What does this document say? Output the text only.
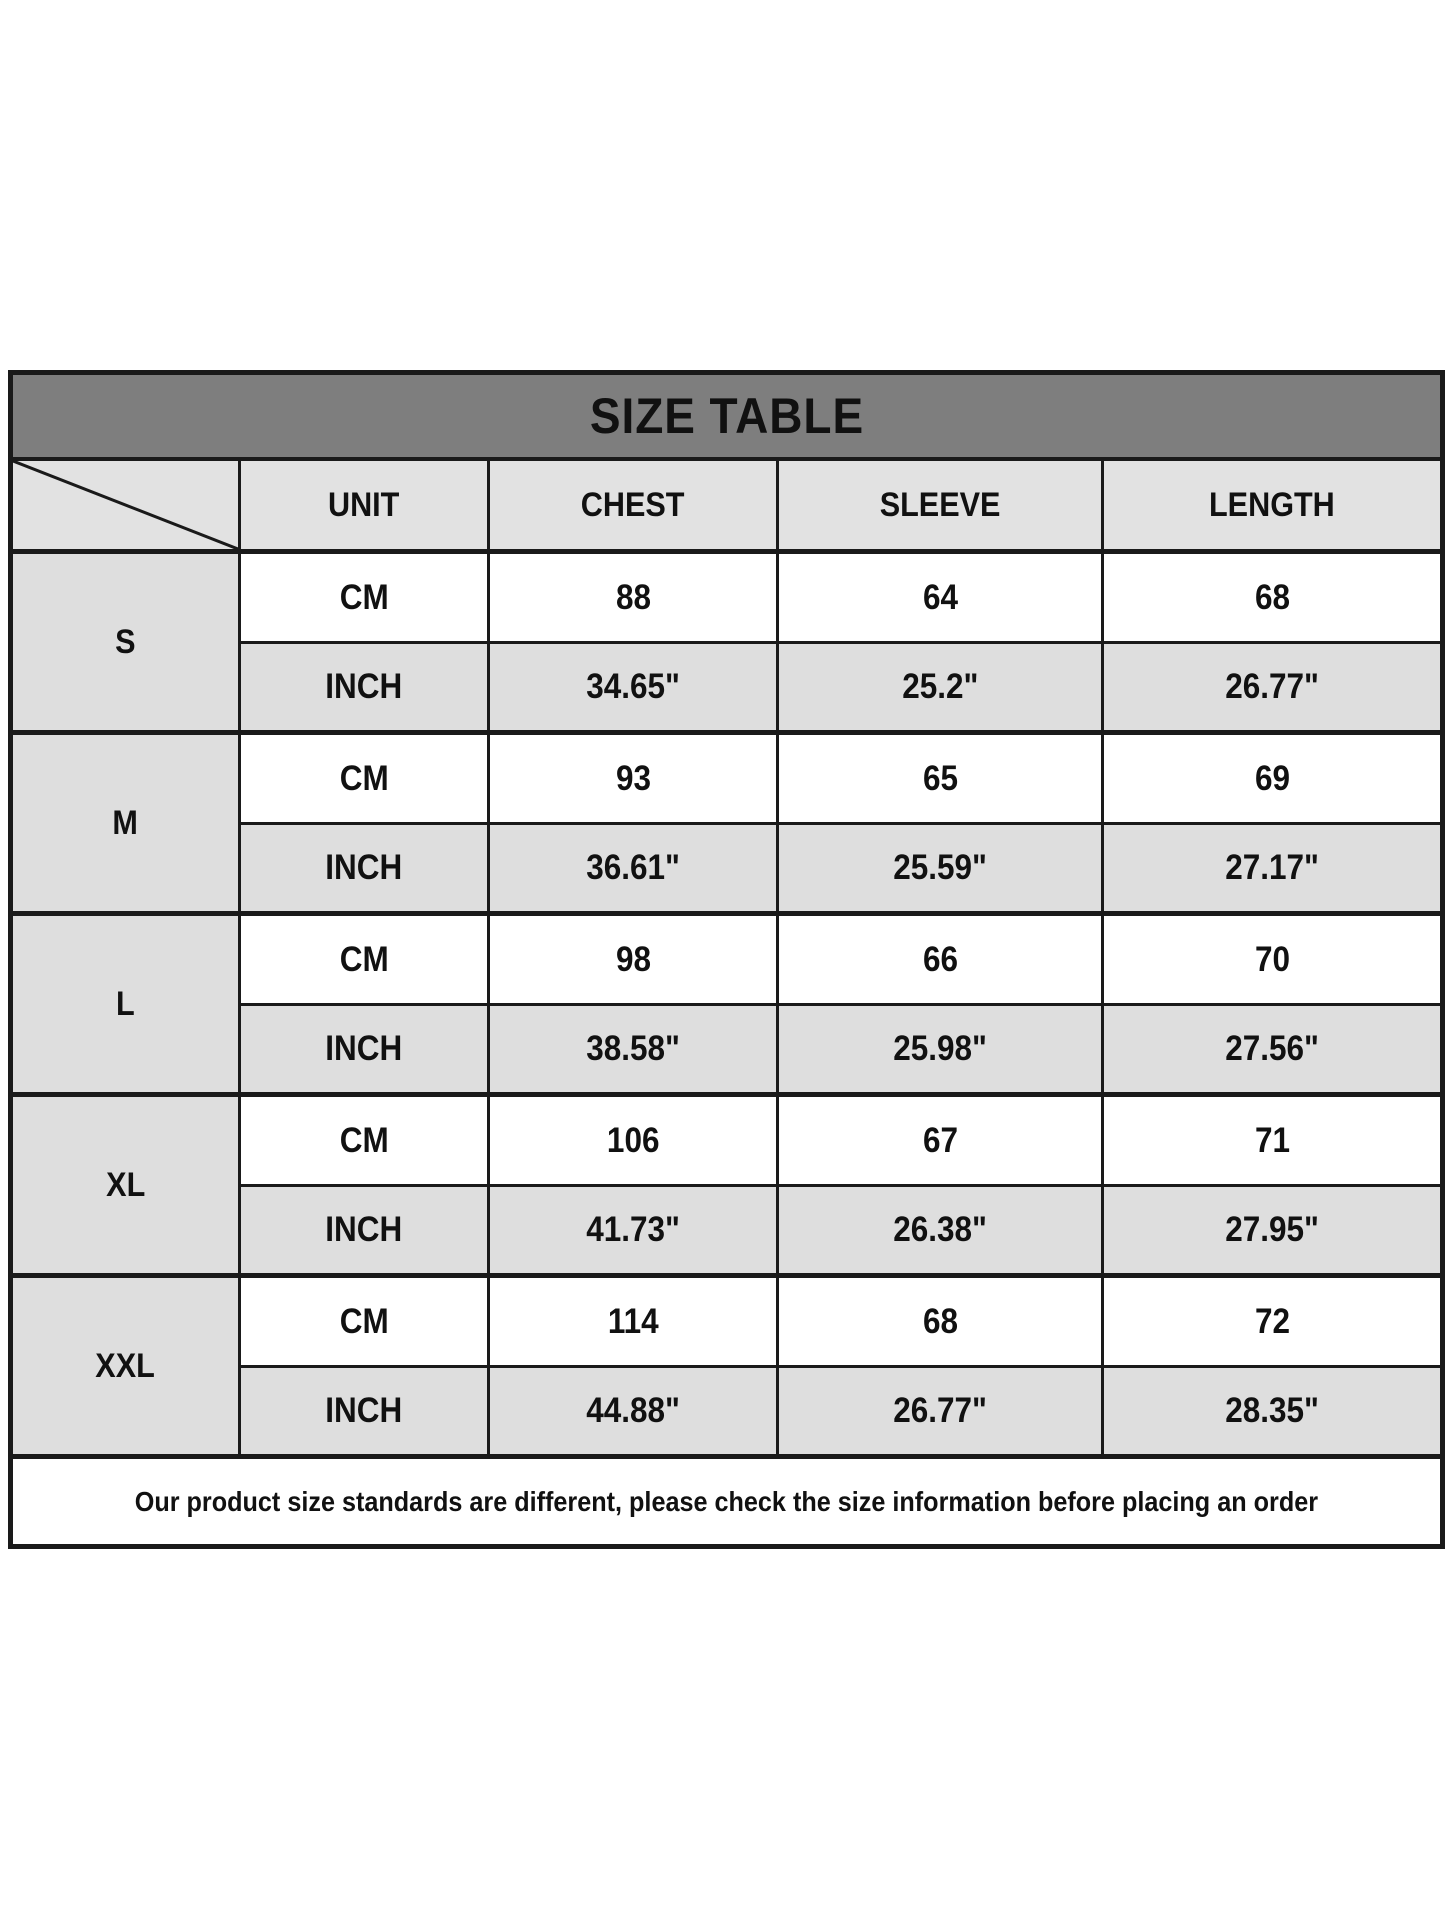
SIZE TABLE				

	UNIT	CHEST	SLEEVE	LENGTH
S	CM	88	64	68
	INCH	34.65"	25.2"	26.77"
M	CM	93	65	69
	INCH	36.61"	25.59"	27.17"
L	CM	98	66	70
	INCH	38.58"	25.98"	27.56"
XL	CM	106	67	71
	INCH	41.73"	26.38"	27.95"
XXL	CM	114	68	72
	INCH	44.88"	26.77"	28.35"
Our product size standards are different, please check the size information before placing an order				
